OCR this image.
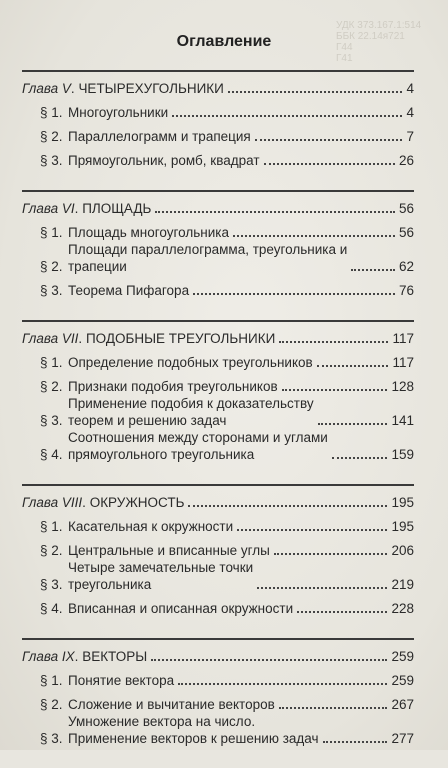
УДК 373.167.1:514
ББК 22.14я721
Г44
Г41
Оглавление
Глава V. ЧЕТЫРЕХУГОЛЬНИКИ	4
§ 1. Многоугольники	4
§ 2. Параллелограмм и трапеция	7
§ 3. Прямоугольник, ромб, квадрат	26
Глава VI. ПЛОЩАДЬ	56
§ 1. Площадь многоугольника	56
§ 2.
Площади параллелограмма, треугольника и
трапеции	62
§ 3. Теорема Пифагора	76
Глава VII. ПОДОБНЫЕ ТРЕУГОЛЬНИКИ	117
§ 1. Определение подобных треугольников	117
§ 2. Признаки подобия треугольников	128
§ 3.
Применение подобия к доказательству
теорем и решению задач	141
§ 4.
Соотношения между сторонами и углами
прямоугольного треугольника	159
Глава VIII. ОКРУЖНОСТЬ	195
§ 1. Касательная к окружности	195
§ 2. Центральные и вписанные углы	206
§ 3.
Четыре замечательные точки
треугольника	219
§ 4. Вписанная и описанная окружности	228
Глава IX. ВЕКТОРЫ	259
§ 1. Понятие вектора	259
§ 2. Сложение и вычитание векторов	267
§ 3.
Умножение вектора на число.
Применение векторов к решению задач	277
